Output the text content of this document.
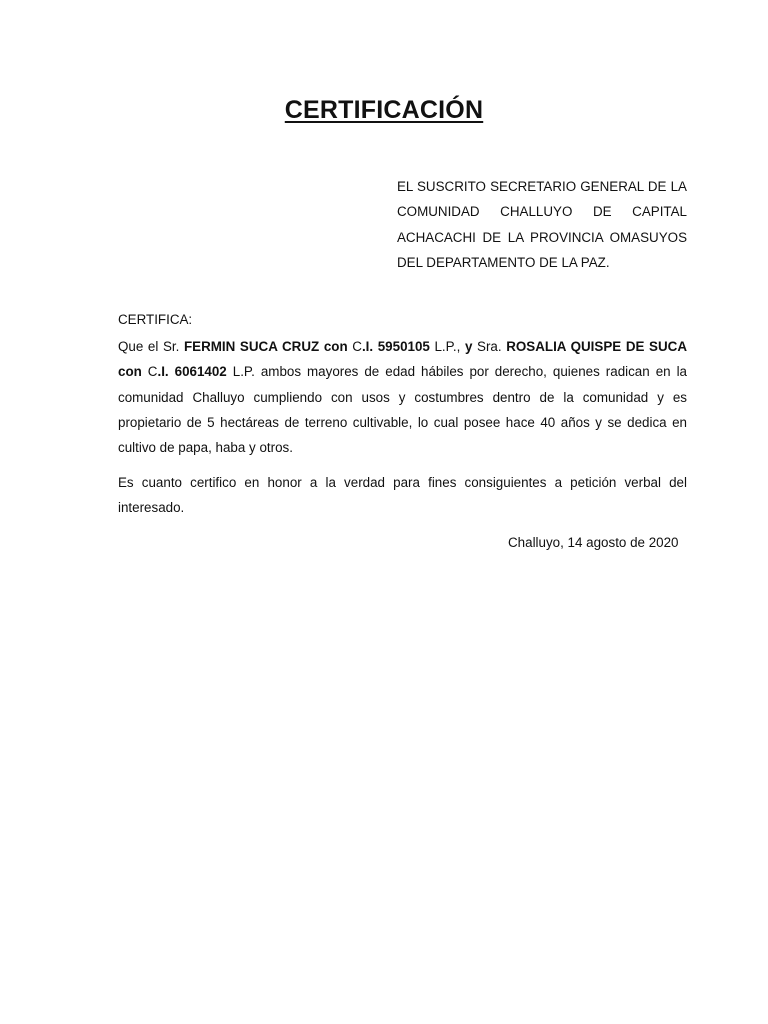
CERTIFICACIÓN
EL SUSCRITO SECRETARIO GENERAL DE LA COMUNIDAD CHALLUYO DE CAPITAL ACHACACHI DE LA PROVINCIA OMASUYOS DEL DEPARTAMENTO DE LA PAZ.
CERTIFICA:
Que el Sr. FERMIN SUCA CRUZ con C.I. 5950105 L.P., y Sra. ROSALIA QUISPE DE SUCA con C.I. 6061402 L.P. ambos mayores de edad hábiles por derecho, quienes radican en la comunidad Challuyo cumpliendo con usos y costumbres dentro de la comunidad y es propietario de 5 hectáreas de terreno cultivable, lo cual posee hace 40 años y se dedica en cultivo de papa, haba y otros.
Es cuanto certifico en honor a la verdad para fines consiguientes a petición verbal del interesado.
Challuyo, 14 agosto de 2020
